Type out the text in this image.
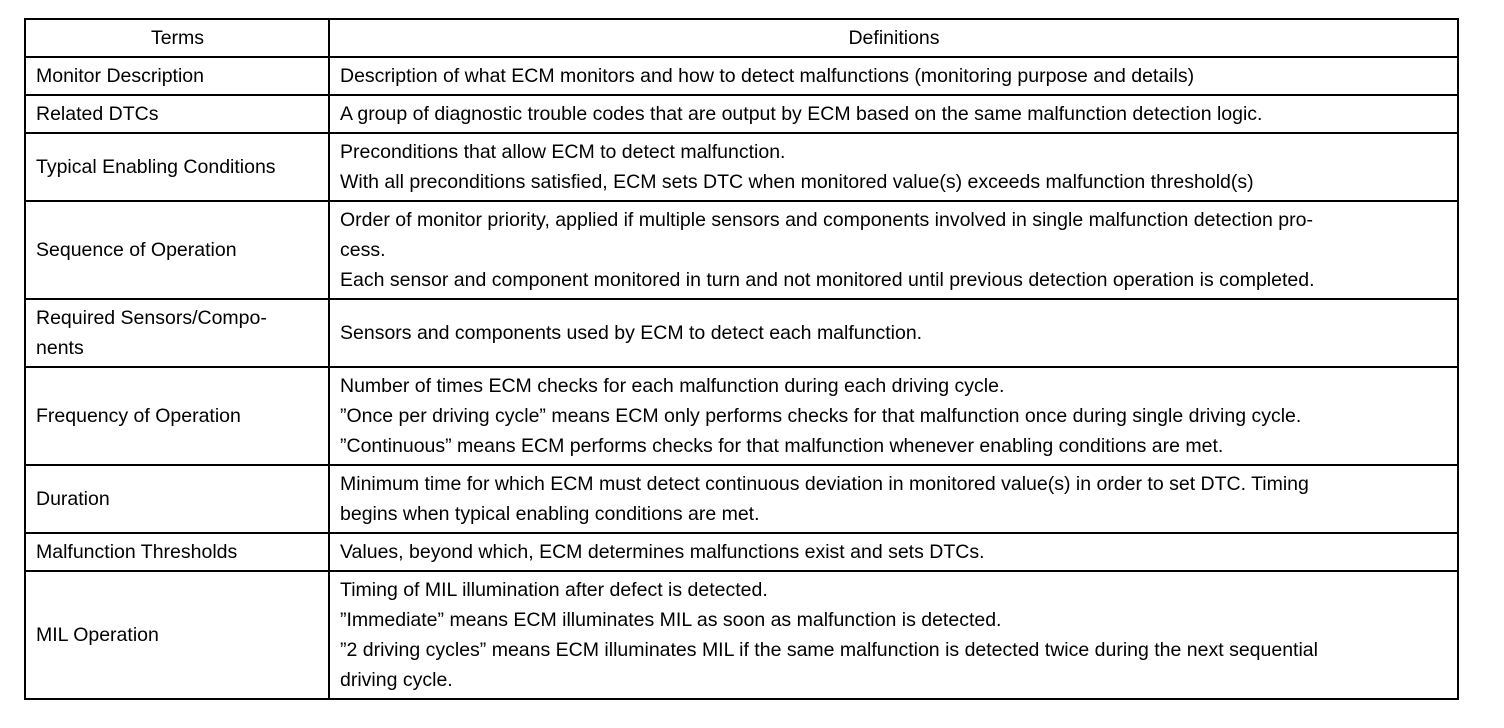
Terms	Definitions

Monitor Description	Description of what ECM monitors and how to detect malfunctions (monitoring purpose and details)

Related DTCs	A group of diagnostic trouble codes that are output by ECM based on the same malfunction detection logic.

Typical Enabling Conditions	Preconditions that allow ECM to detect malfunction.
With all preconditions satisfied, ECM sets DTC when monitored value(s) exceeds malfunction threshold(s)

Sequence of Operation	Order of monitor priority, applied if multiple sensors and components involved in single malfunction detection pro-
cess.
Each sensor and component monitored in turn and not monitored until previous detection operation is completed.

Required Sensors/Compo-
nents	Sensors and components used by ECM to detect each malfunction.

Frequency of Operation	Number of times ECM checks for each malfunction during each driving cycle.
”Once per driving cycle” means ECM only performs checks for that malfunction once during single driving cycle.
”Continuous” means ECM performs checks for that malfunction whenever enabling conditions are met.

Duration	Minimum time for which ECM must detect continuous deviation in monitored value(s) in order to set DTC. Timing
begins when typical enabling conditions are met.

Malfunction Thresholds	Values, beyond which, ECM determines malfunctions exist and sets DTCs.

MIL Operation	Timing of MIL illumination after defect is detected.
”Immediate” means ECM illuminates MIL as soon as malfunction is detected.
”2 driving cycles” means ECM illuminates MIL if the same malfunction is detected twice during the next sequential
driving cycle.
